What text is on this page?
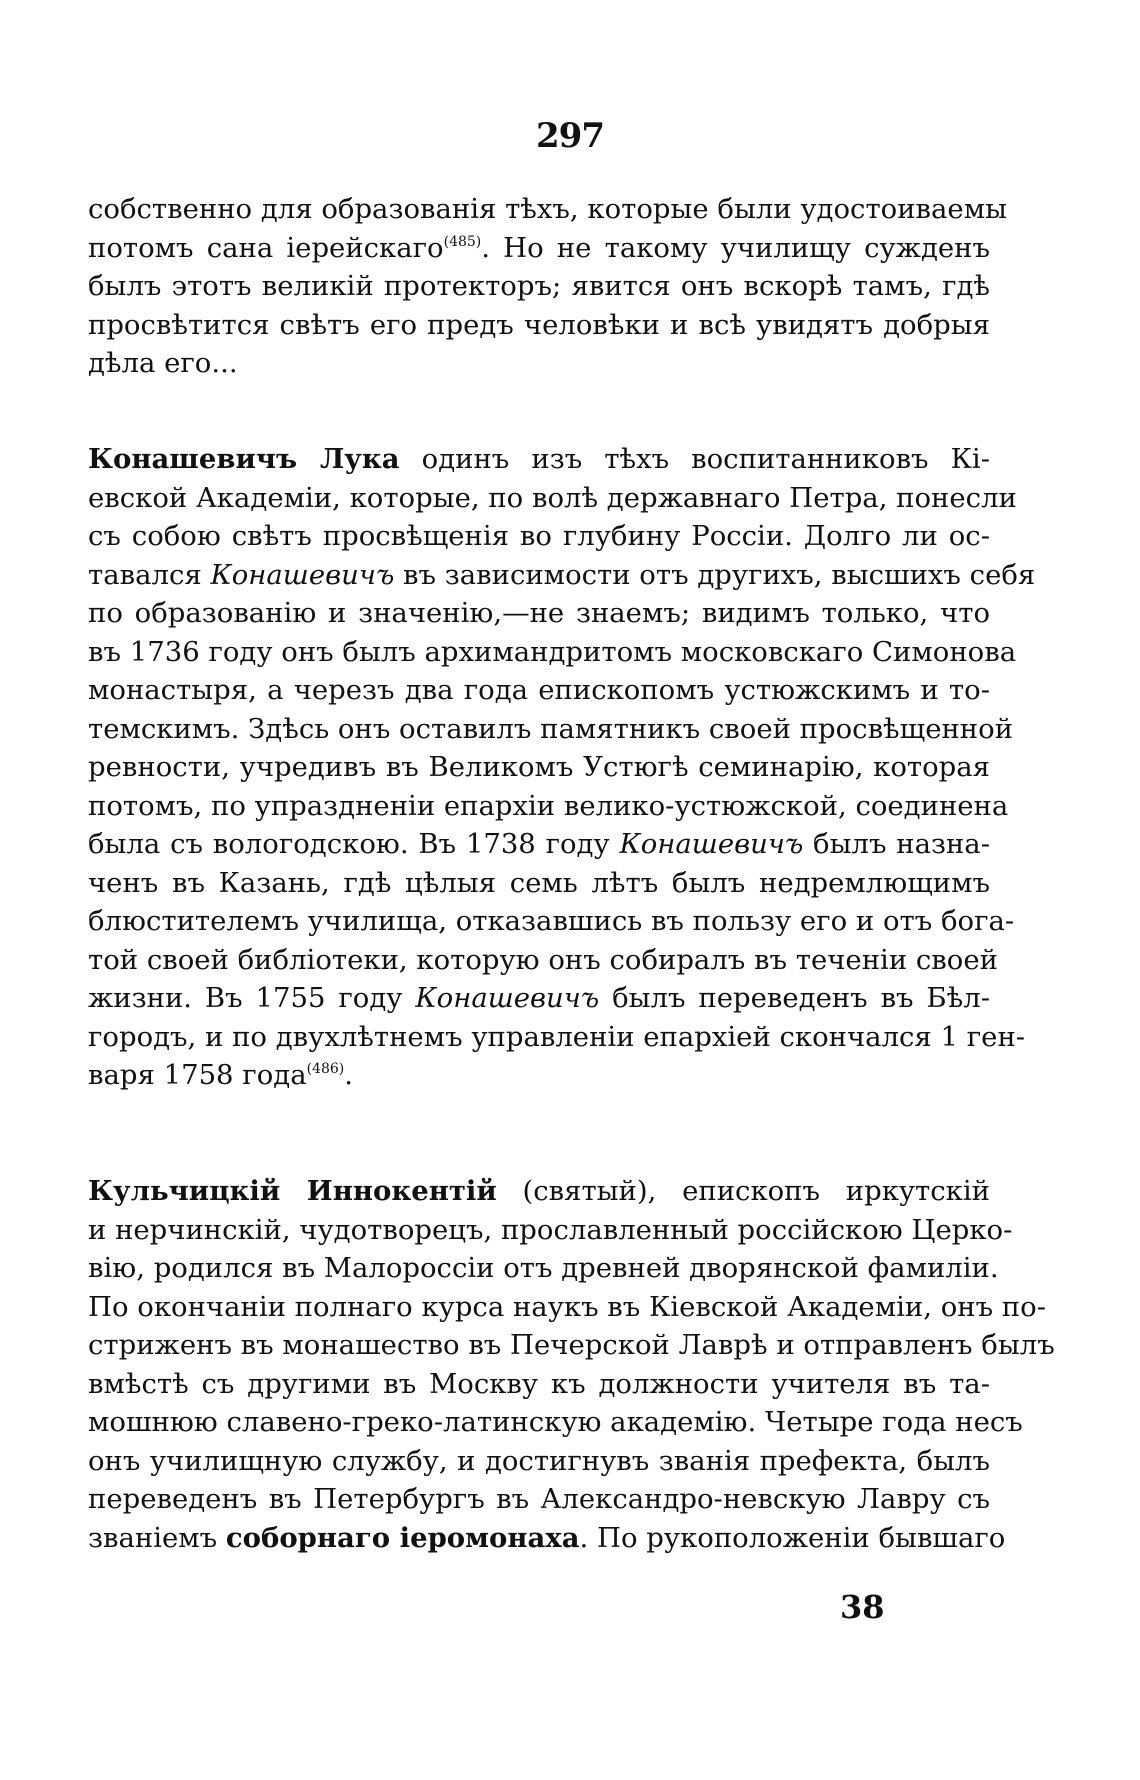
297
собственно для образованія тѣхъ, которые были удостоиваемы
потомъ сана іерейскаго$^{(485)}$. Но не такому училищу сужденъ
былъ этотъ великій протекторъ; явится онъ вскорѣ тамъ, гдѣ
просвѣтится свѣтъ его предъ человѣки и всѣ увидятъ добрыя
дѣла его...
Конашевичъ Лука одинъ изъ тѣхъ воспитанниковъ Кі-
евской Академіи, которые, по волѣ державнаго Петра, понесли
съ собою свѣтъ просвѣщенія во глубину Россіи. Долго ли ос-
тавался Конашевичъ въ зависимости отъ другихъ, высшихъ себя
по образованію и значенію,—не знаемъ; видимъ только, что
въ 1736 году онъ былъ архимандритомъ московскаго Симонова
монастыря, а черезъ два года епископомъ устюжскимъ и то-
темскимъ. Здѣсь онъ оставилъ памятникъ своей просвѣщенной
ревности, учредивъ въ Великомъ Устюгѣ семинарію, которая
потомъ, по упраздненіи епархіи велико-устюжской, соединена
была съ вологодскою. Въ 1738 году Конашевичъ былъ назна-
ченъ въ Казань, гдѣ цѣлыя семь лѣтъ былъ недремлющимъ
блюстителемъ училища, отказавшись въ пользу его и отъ бога-
той своей библіотеки, которую онъ собиралъ въ теченіи своей
жизни. Въ 1755 году Конашевичъ былъ переведенъ въ Бѣл-
городъ, и по двухлѣтнемъ управленіи епархіей скончался 1 ген-
варя 1758 года$^{(486)}$.
Кульчицкій Иннокентій (святый), епископъ иркутскій
и нерчинскій, чудотворецъ, прославленный россійскою Церко-
вію, родился въ Малороссіи отъ древней дворянской фамиліи.
По окончаніи полнаго курса наукъ въ Кіевской Академіи, онъ по-
стриженъ въ монашество въ Печерской Лаврѣ и отправленъ былъ
вмѣстѣ съ другими въ Москву къ должности учителя въ та-
мошнюю славено-греко-латинскую академію. Четыре года несъ
онъ училищную службу, и достигнувъ званія префекта, былъ
переведенъ въ Петербургъ въ Александро-невскую Лавру съ
званіемъ соборнаго іеромонаха. По рукоположеніи бывшаго
38
